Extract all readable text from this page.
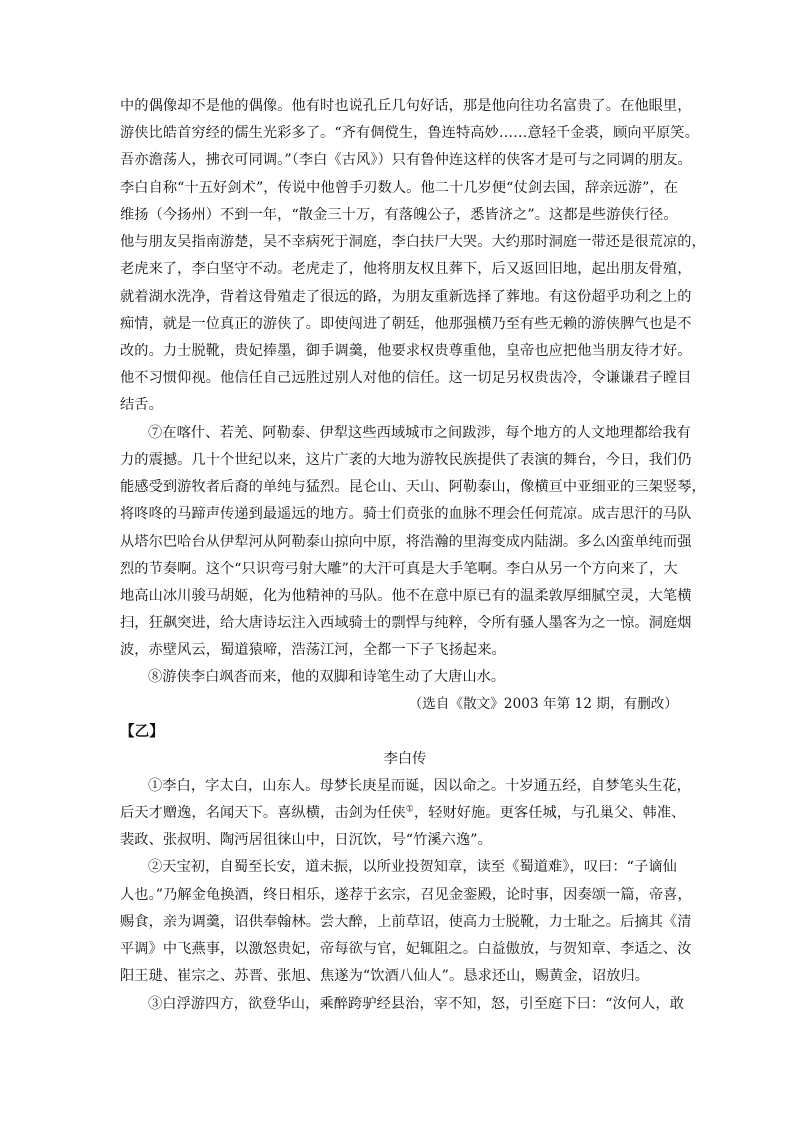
中的偶像却不是他的偶像。他有时也说孔丘几句好话，那是他向往功名富贵了。在他眼里，
游侠比皓首穷经的儒生光彩多了。“齐有倜傥生，鲁连特高妙……意轻千金裘，顾向平原笑。
吾亦澹荡人，拂衣可同调。”（李白《古风》）只有鲁仲连这样的侠客才是可与之同调的朋友。
李白自称“十五好剑术”，传说中他曾手刃数人。他二十几岁便“仗剑去国，辞亲远游”，在
维扬（今扬州）不到一年，“散金三十万，有落魄公子，悉皆济之”。这都是些游侠行径。
他与朋友吴指南游楚，吴不幸病死于洞庭，李白扶尸大哭。大约那时洞庭一带还是很荒凉的，
老虎来了，李白坚守不动。老虎走了，他将朋友权且葬下，后又返回旧地，起出朋友骨殖，
就着湖水洗净，背着这骨殖走了很远的路，为朋友重新选择了葬地。有这份超乎功利之上的
痴情，就是一位真正的游侠了。即使闯进了朝廷，他那强横乃至有些无赖的游侠脾气也是不
改的。力士脱靴，贵妃捧墨，御手调羹，他要求权贵尊重他，皇帝也应把他当朋友待才好。
他不习惯仰视。他信任自己远胜过别人对他的信任。这一切足另权贵齿冷，令谦谦君子瞠目
结舌。
⑦在喀什、若羌、阿勒泰、伊犁这些西域城市之间跋涉，每个地方的人文地理都给我有
力的震撼。几十个世纪以来，这片广袤的大地为游牧民族提供了表演的舞台，今日，我们仍
能感受到游牧者后裔的单纯与猛烈。昆仑山、天山、阿勒泰山，像横亘中亚细亚的三架竖琴，
将咚咚的马蹄声传递到最遥远的地方。骑士们贲张的血脉不理会任何荒凉。成吉思汗的马队
从塔尔巴哈台从伊犁河从阿勒泰山掠向中原，将浩瀚的里海变成内陆湖。多么凶蛮单纯而强
烈的节奏啊。这个“只识弯弓射大雕”的大汗可真是大手笔啊。李白从另一个方向来了，大
地高山冰川骏马胡姬，化为他精神的马队。他不在意中原已有的温柔敦厚细腻空灵，大笔横
扫，狂飙突进，给大唐诗坛注入西域骑士的剽悍与纯粹，令所有骚人墨客为之一惊。洞庭烟
波，赤壁风云，蜀道猿啼，浩荡江河，全都一下子飞扬起来。
⑧游侠李白飒沓而来，他的双脚和诗笔生动了大唐山水。
（选自《散文》2003 年第 12 期，有删改）
【乙】
李白传
①李白，字太白，山东人。母梦长庚星而诞，因以命之。十岁通五经，自梦笔头生花，
后天才赠逸，名闻天下。喜纵横，击剑为任侠①，轻财好施。更客任城，与孔巢父、韩准、
裴政、张叔明、陶沔居徂徕山中，日沉饮，号“竹溪六逸”。
②天宝初，自蜀至长安，道未振，以所业投贺知章，读至《蜀道难》，叹曰：“子谪仙
人也。”乃解金龟换酒，终日相乐，遂荐于玄宗，召见金銮殿，论时事，因奏颂一篇，帝喜，
赐食，亲为调羹，诏供奉翰林。尝大醉，上前草诏，使高力士脱靴，力士耻之。后摘其《清
平调》中飞燕事，以激怒贵妃，帝每欲与官，妃辄阻之。白益傲放，与贺知章、李适之、汝
阳王琎、崔宗之、苏晋、张旭、焦遂为“饮酒八仙人”。恳求还山，赐黄金，诏放归。
③白浮游四方，欲登华山，乘醉跨驴经县治，宰不知，怒，引至庭下曰：“汝何人，敢
